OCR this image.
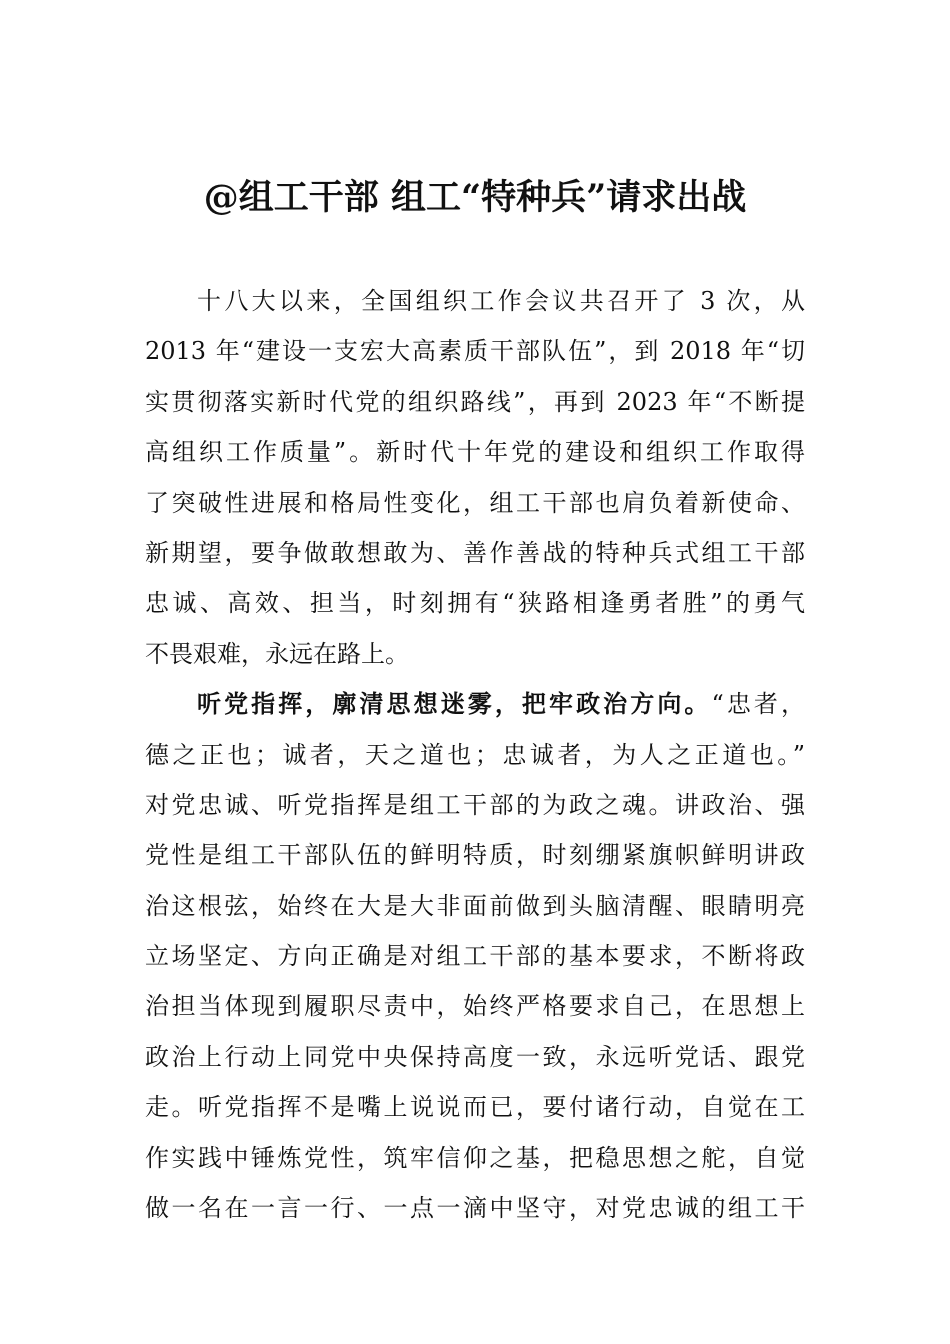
@组工干部 组工“特种兵”请求出战
十八大以来，全国组织工作会议共召开了 3 次，从
2013 年“建设一支宏大高素质干部队伍”，到 2018 年“切
实贯彻落实新时代党的组织路线”，再到 2023 年“不断提
高组织工作质量”。新时代十年党的建设和组织工作取得
了突破性进展和格局性变化，组工干部也肩负着新使命、
新期望，要争做敢想敢为、善作善战的特种兵式组工干部
忠诚、高效、担当，时刻拥有“狭路相逢勇者胜”的勇气
不畏艰难，永远在路上。
听党指挥，廓清思想迷雾，把牢政治方向。“忠者，
德之正也；诚者，天之道也；忠诚者，为人之正道也。”
对党忠诚、听党指挥是组工干部的为政之魂。讲政治、强
党性是组工干部队伍的鲜明特质，时刻绷紧旗帜鲜明讲政
治这根弦，始终在大是大非面前做到头脑清醒、眼睛明亮
立场坚定、方向正确是对组工干部的基本要求，不断将政
治担当体现到履职尽责中，始终严格要求自己，在思想上
政治上行动上同党中央保持高度一致，永远听党话、跟党
走。听党指挥不是嘴上说说而已，要付诸行动，自觉在工
作实践中锤炼党性，筑牢信仰之基，把稳思想之舵，自觉
做一名在一言一行、一点一滴中坚守，对党忠诚的组工干
